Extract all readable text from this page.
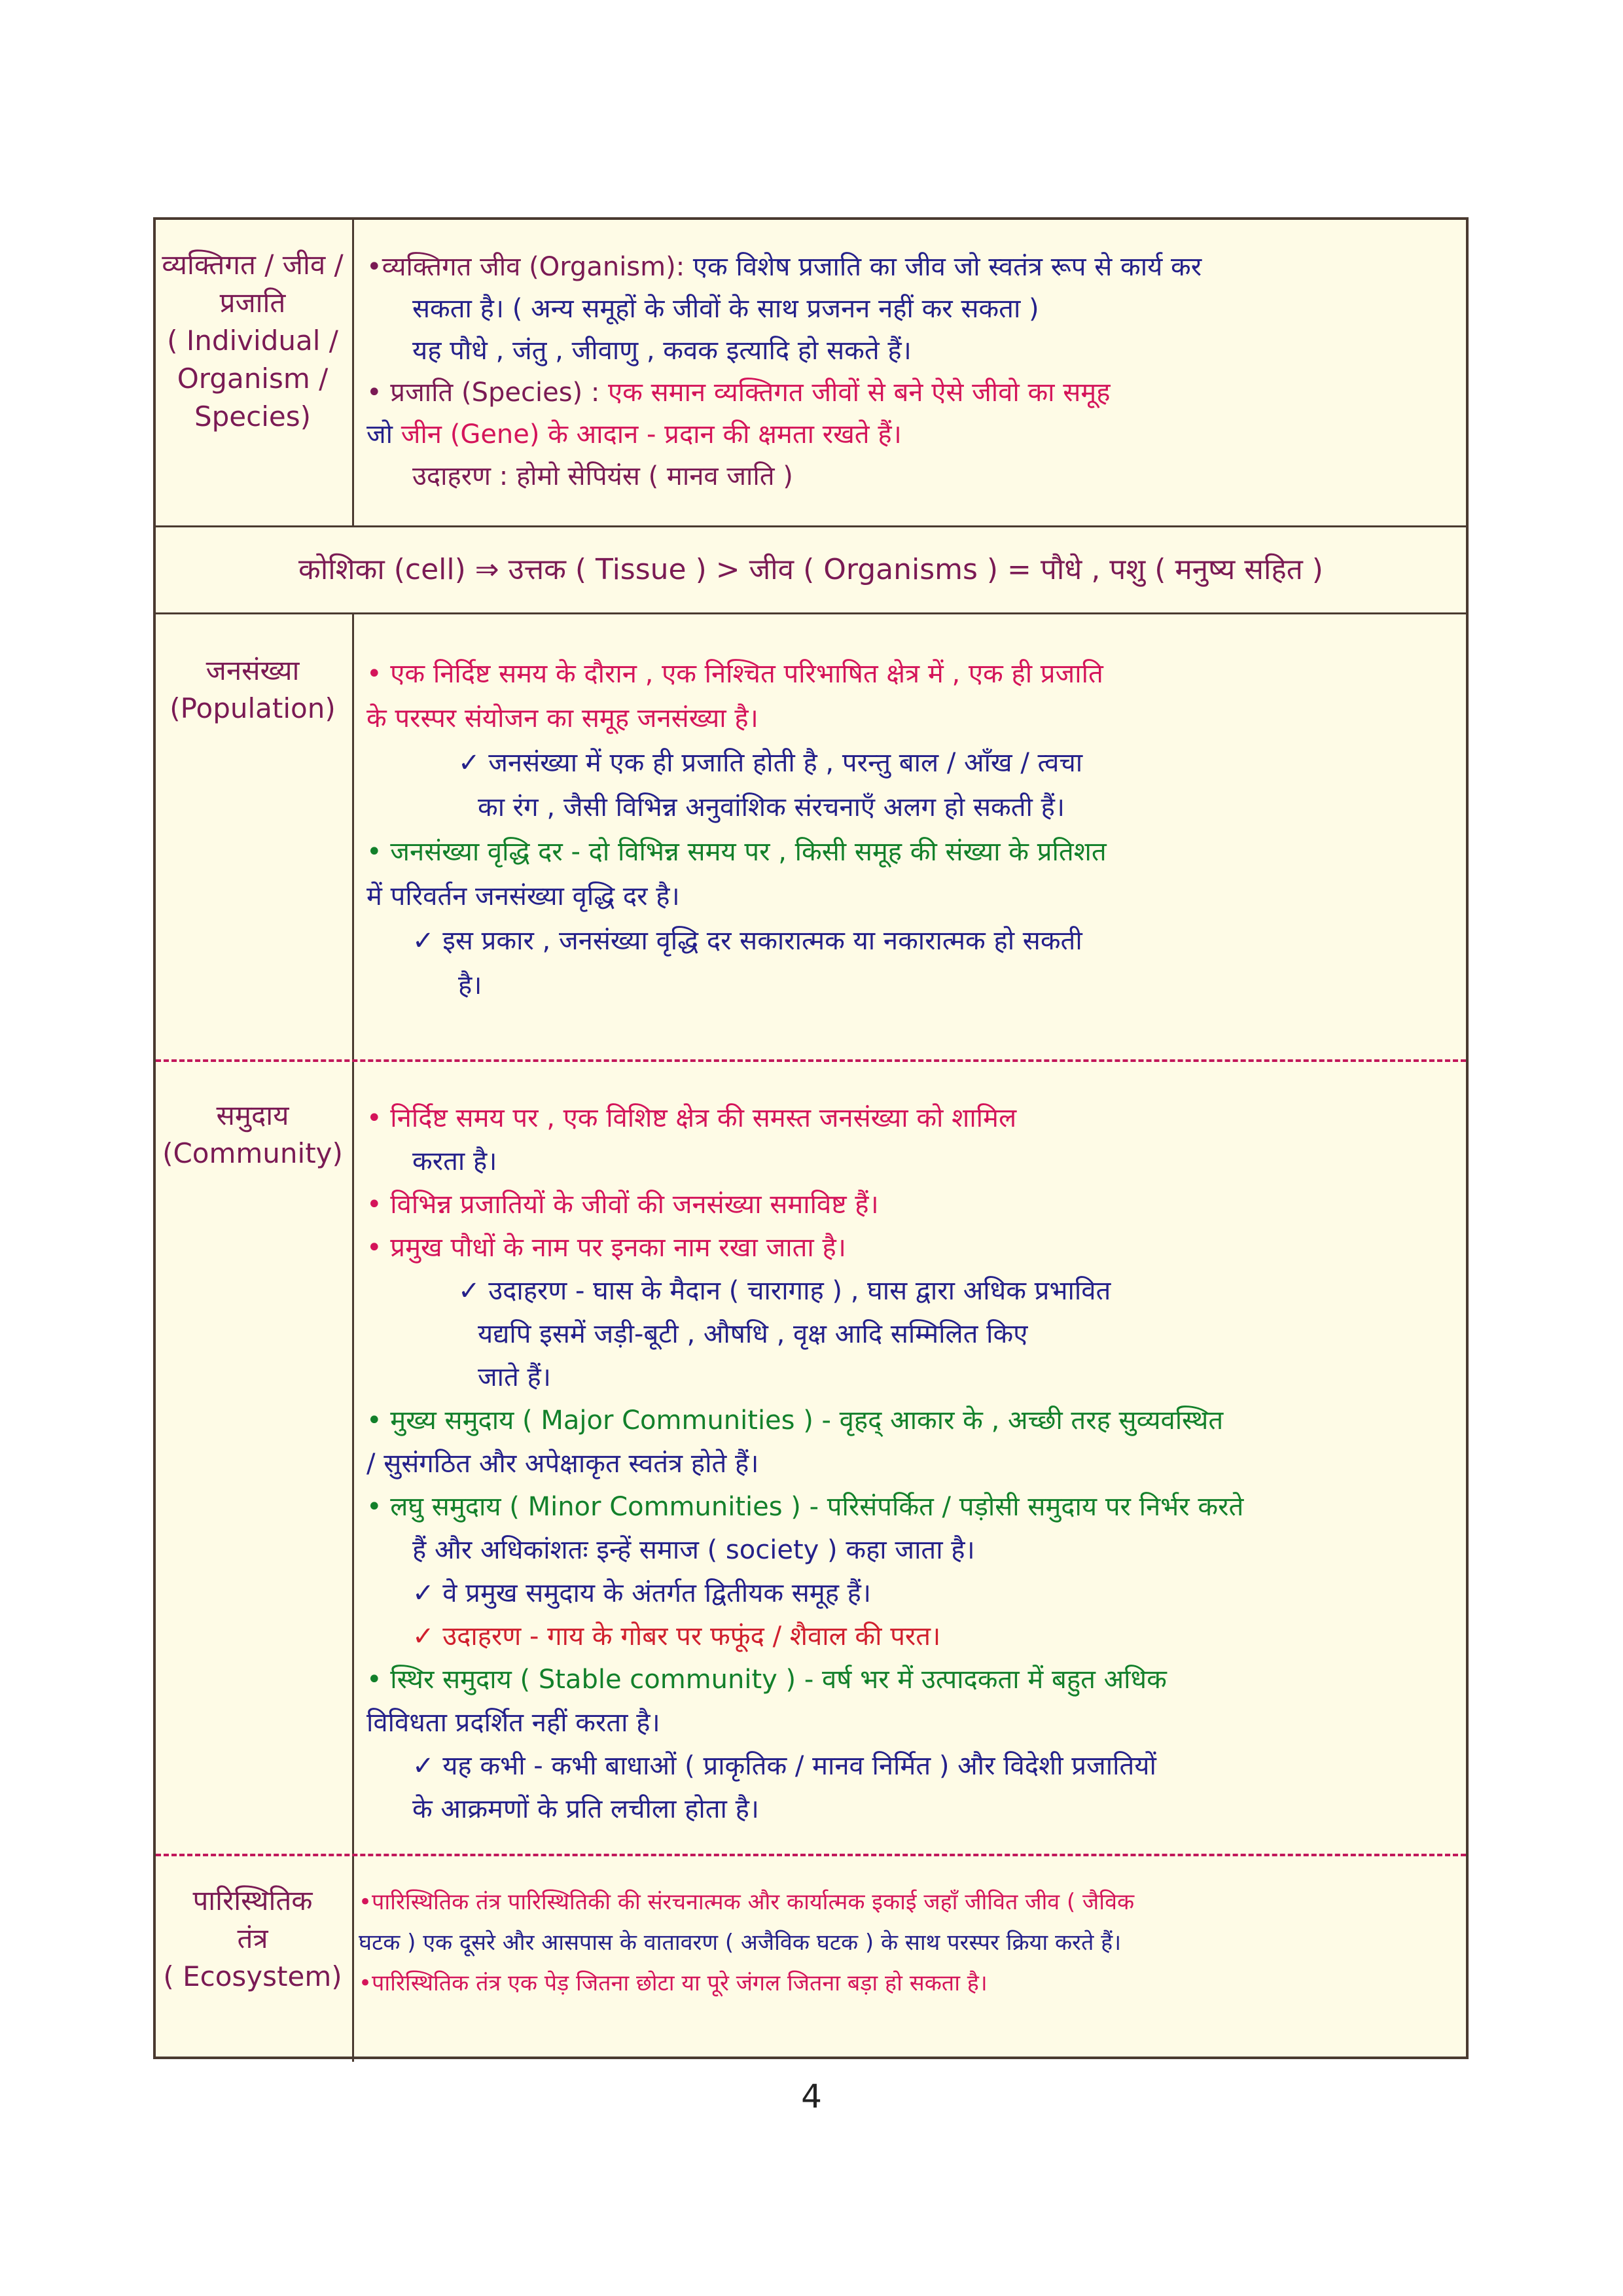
व्यक्तिगत / जीव /
प्रजाति
( Individual /
Organism /
Species)

•व्यक्तिगत जीव (Organism): एक विशेष प्रजाति का जीव जो स्वतंत्र रूप से कार्य कर

सकता है। ( अन्य समूहों के जीवों के साथ प्रजनन नहीं कर सकता )

यह पौधे , जंतु , जीवाणु , कवक इत्यादि हो सकते हैं।

• प्रजाति (Species) : एक समान व्यक्तिगत जीवों से बने ऐसे जीवो का समूह

जो जीन (Gene) के आदान - प्रदान की क्षमता रखते हैं।

उदाहरण : होमो सेपियंस ( मानव जाति )

कोशिका (cell) ⇒ उत्तक ( Tissue ) > जीव ( Organisms ) = पौधे , पशु ( मनुष्य सहित )
जनसंख्या
(Population)

• एक निर्दिष्ट समय के दौरान , एक निश्चित परिभाषित क्षेत्र में , एक ही प्रजाति

के परस्पर संयोजन का समूह जनसंख्या है।

✓ जनसंख्या में एक ही प्रजाति होती है , परन्तु बाल / आँख / त्वचा

का रंग , जैसी विभिन्न अनुवांशिक संरचनाएँ अलग हो सकती हैं।

• जनसंख्या वृद्धि दर - दो विभिन्न समय पर , किसी समूह की संख्या के प्रतिशत

में परिवर्तन जनसंख्या वृद्धि दर है।

✓ इस प्रकार , जनसंख्या वृद्धि दर सकारात्मक या नकारात्मक हो सकती

है।

समुदाय
(Community)

• निर्दिष्ट समय पर , एक विशिष्ट क्षेत्र की समस्त जनसंख्या को शामिल

करता है।

• विभिन्न प्रजातियों के जीवों की जनसंख्या समाविष्ट हैं।

• प्रमुख पौधों के नाम पर इनका नाम रखा जाता है।

✓ उदाहरण - घास के मैदान ( चारागाह ) , घास द्वारा अधिक प्रभावित

यद्यपि इसमें जड़ी-बूटी , औषधि , वृक्ष आदि सम्मिलित किए

जाते हैं।

• मुख्य समुदाय ( Major Communities ) - वृहद् आकार के , अच्छी तरह सुव्यवस्थित

/ सुसंगठित और अपेक्षाकृत स्वतंत्र होते हैं।

• लघु समुदाय ( Minor Communities ) - परिसंपर्कित / पड़ोसी समुदाय पर निर्भर करते

हैं और अधिकांशतः इन्हें समाज ( society ) कहा जाता है।

✓ वे प्रमुख समुदाय के अंतर्गत द्वितीयक समूह हैं।

✓ उदाहरण - गाय के गोबर पर फफूंद / शैवाल की परत।

• स्थिर समुदाय ( Stable community ) - वर्ष भर में उत्पादकता में बहुत अधिक

विविधता प्रदर्शित नहीं करता है।

✓ यह कभी - कभी बाधाओं ( प्राकृतिक / मानव निर्मित ) और विदेशी प्रजातियों

के आक्रमणों के प्रति लचीला होता है।

पारिस्थितिक
तंत्र
( Ecosystem)

•पारिस्थितिक तंत्र पारिस्थितिकी की संरचनात्मक और कार्यात्मक इकाई जहाँ जीवित जीव ( जैविक

घटक ) एक दूसरे और आसपास के वातावरण ( अजैविक घटक ) के साथ परस्पर क्रिया करते हैं।

•पारिस्थितिक तंत्र एक पेड़ जितना छोटा या पूरे जंगल जितना बड़ा हो सकता है।

4
